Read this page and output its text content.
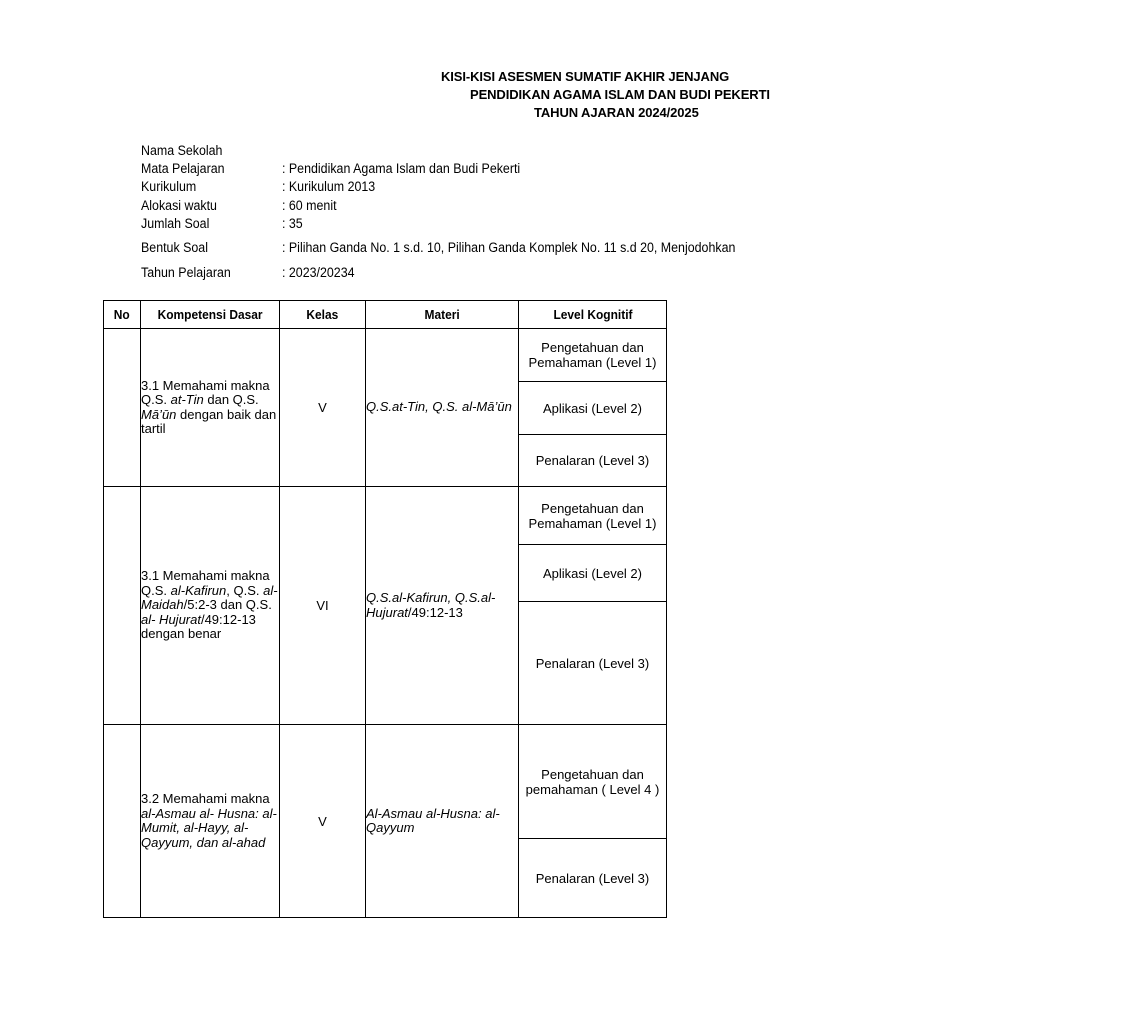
KISI-KISI ASESMEN SUMATIF AKHIR JENJANG
PENDIDIKAN AGAMA ISLAM DAN BUDI PEKERTI
TAHUN AJARAN 2024/2025
Nama Sekolah
Mata Pelajaran	: Pendidikan Agama Islam dan Budi Pekerti
Kurikulum	: Kurikulum 2013
Alokasi waktu	: 60 menit
Jumlah Soal	: 35
Bentuk Soal	: Pilihan Ganda No. 1 s.d. 10, Pilihan Ganda Komplek No. 11 s.d 20, Menjodohkan
Tahun Pelajaran	: 2023/20234
No	Kompetensi Dasar	Kelas	Materi	Level Kognitif
	3.1 Memahami makna Q.S. at-Tin dan Q.S. Mā’ūn dengan baik dan tartil	V	Q.S.at-Tin, Q.S. al-Mā’ūn	Pengetahuan dan Pemahaman (Level 1)
				Aplikasi (Level 2)
				Penalaran (Level 3)
	3.1 Memahami makna Q.S. al-Kafirun, Q.S. al-Maidah/5:2-3 dan Q.S. al- Hujurat/49:12-13 dengan benar	VI	Q.S.al-Kafirun, Q.S.al-Hujurat/49:12-13	Pengetahuan dan Pemahaman (Level 1)
				Aplikasi (Level 2)
				Penalaran (Level 3)
	3.2 Memahami makna al-Asmau al- Husna: al-Mumit, al-Hayy, al-Qayyum, dan al-ahad	V	Al-Asmau al-Husna: al-Qayyum	Pengetahuan dan pemahaman ( Level 4 )
				Penalaran (Level 3)
